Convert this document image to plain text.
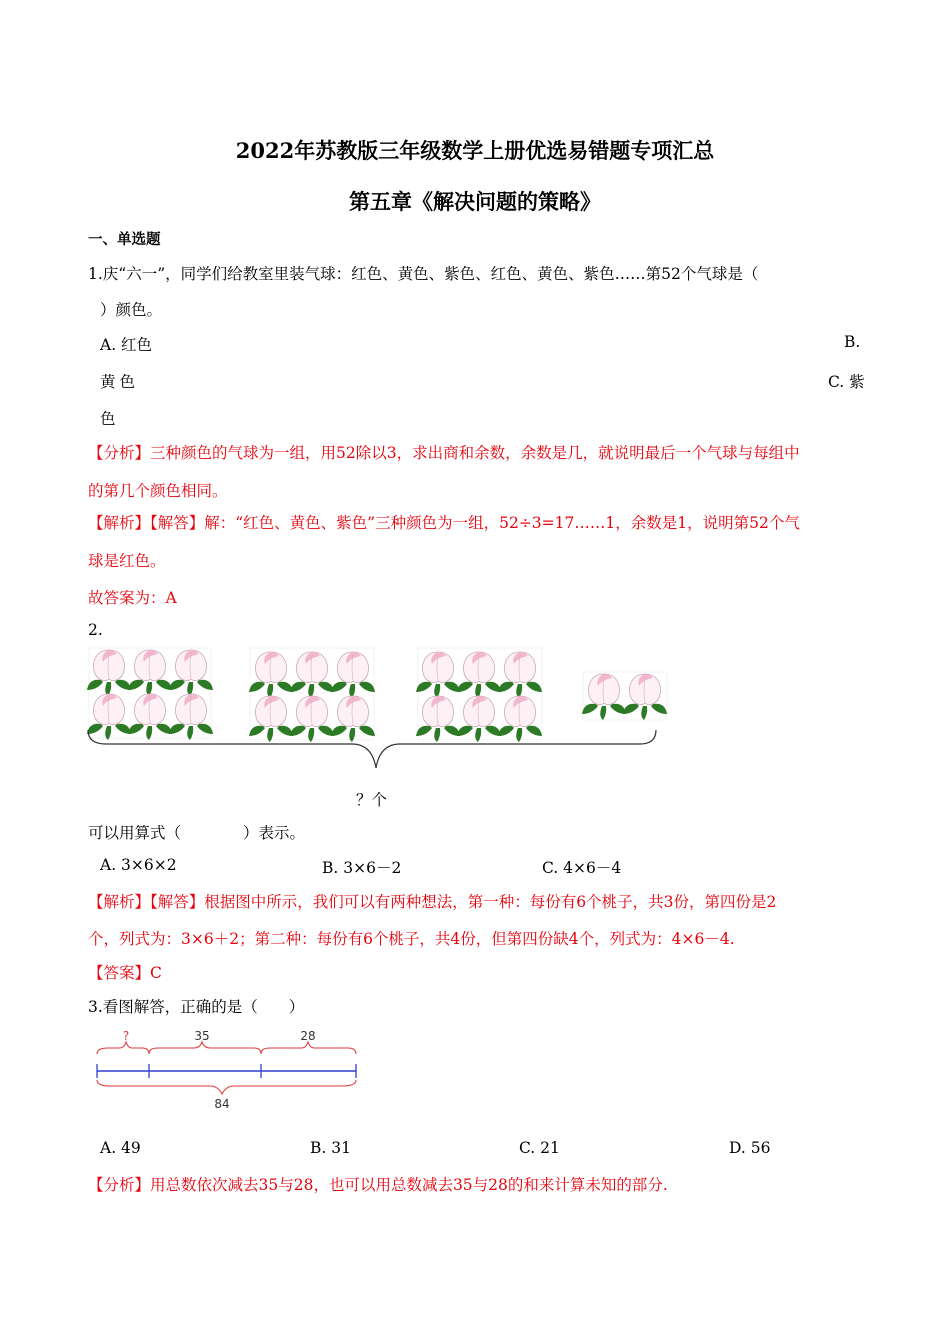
2022年苏教版三年级数学上册优选易错题专项汇总
第五章《解决问题的策略》
一、单选题
1.庆“六一”，同学们给教室里装气球：红色、黄色、紫色、红色、黄色、紫色……第52个气球是（
）颜色。
A. 红色	B.
黄色	C. 紫
色
【分析】三种颜色的气球为一组，用52除以3，求出商和余数，余数是几，就说明最后一个气球与每组中
的第几个颜色相同。
【解析】【解答】解：“红色、黄色、紫色”三种颜色为一组，52÷3=17……1，余数是1，说明第52个气
球是红色。
故答案为：A
2.
？个
可以用算式（　　　　）表示。
A. 3×6×2	B. 3×6－2	C. 4×6－4
【解析】【解答】根据图中所示，我们可以有两种想法，第一种：每份有6个桃子，共3份，第四份是2
个，列式为：3×6＋2；第二种：每份有6个桃子，共4份，但第四份缺4个，列式为：4×6－4.
【答案】C
3.看图解答，正确的是（　　）
?	35	28
84
A. 49	B. 31	C. 21	D. 56
【分析】用总数依次减去35与28，也可以用总数减去35与28的和来计算未知的部分.
